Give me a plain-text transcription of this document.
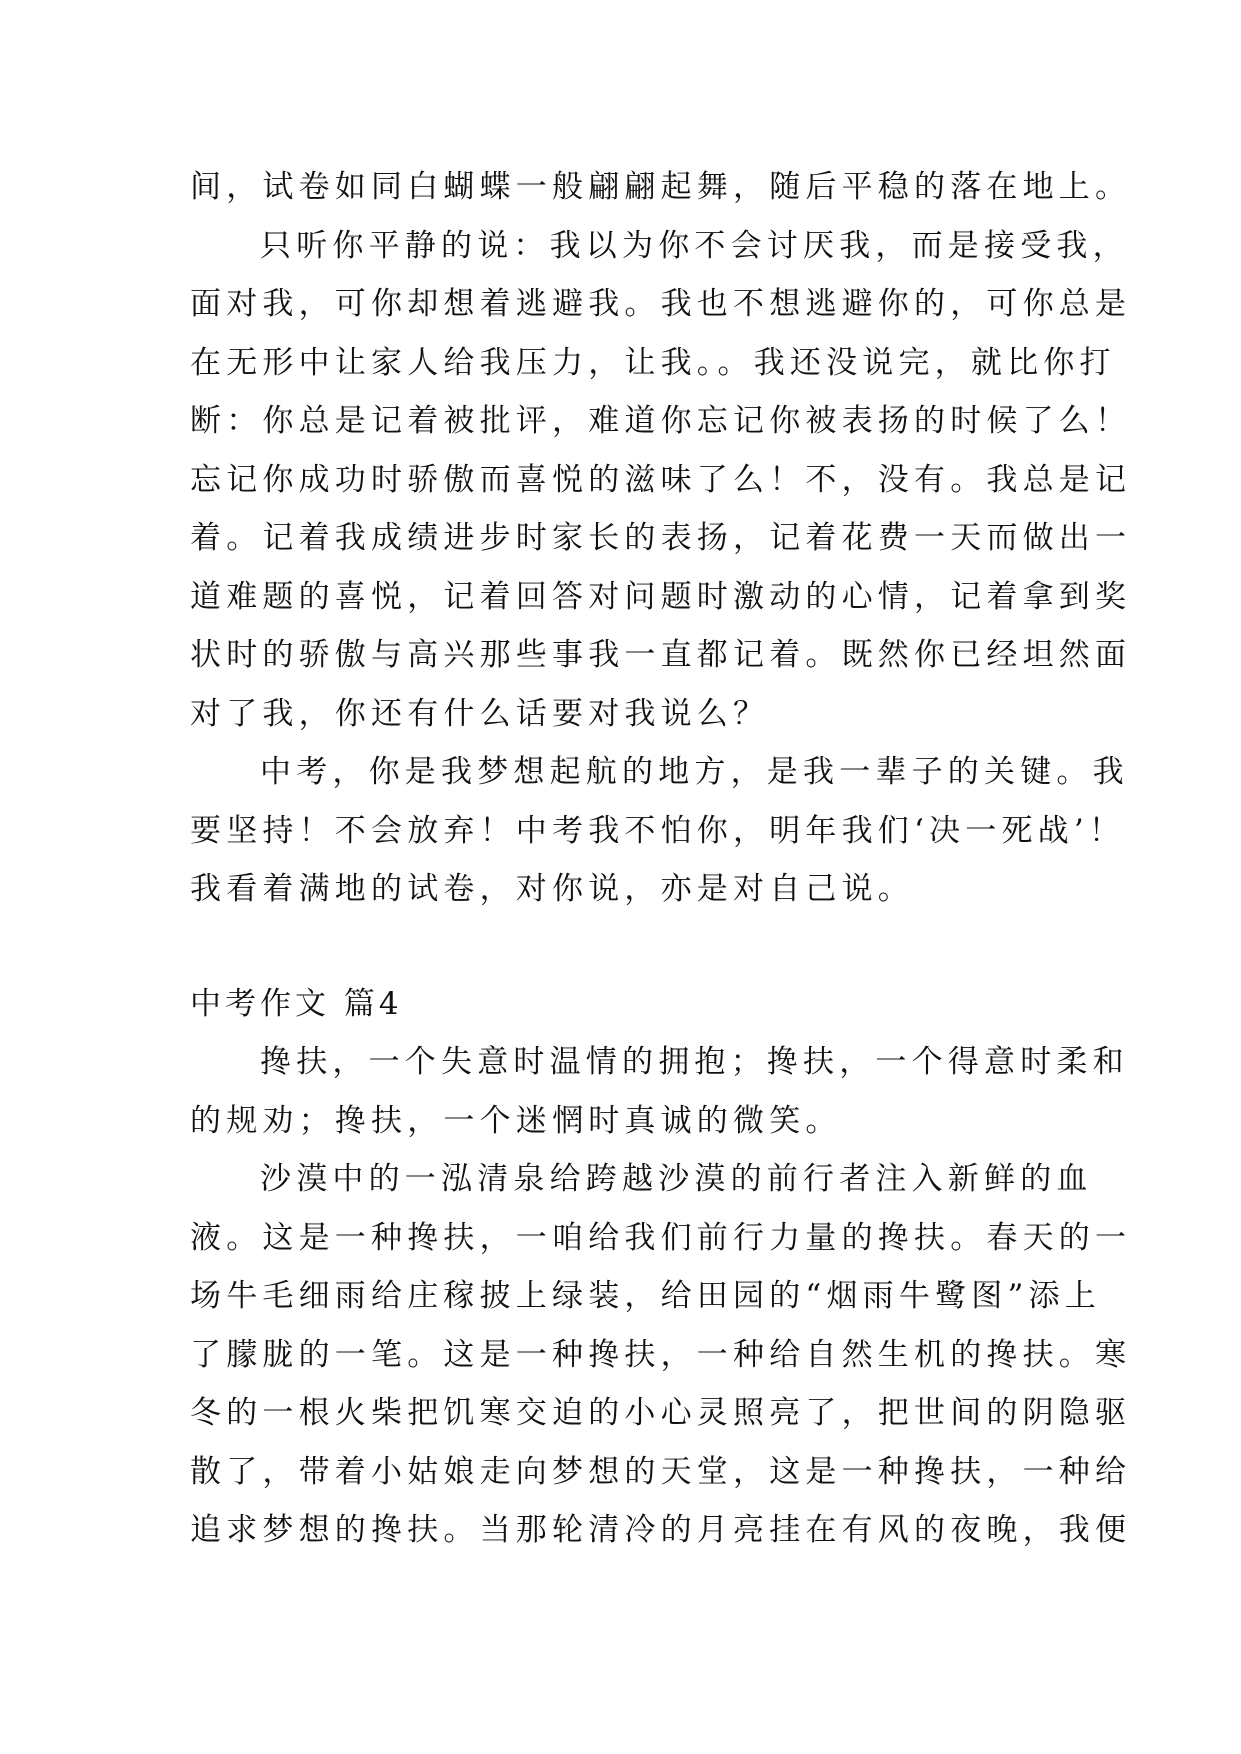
间，试卷如同白蝴蝶一般翩翩起舞，随后平稳的落在地上。
只听你平静的说：我以为你不会讨厌我，而是接受我，
面对我，可你却想着逃避我。我也不想逃避你的，可你总是
在无形中让家人给我压力，让我。。我还没说完，就比你打
断：你总是记着被批评，难道你忘记你被表扬的时候了么！
忘记你成功时骄傲而喜悦的滋味了么！不，没有。我总是记
着。记着我成绩进步时家长的表扬，记着花费一天而做出一
道难题的喜悦，记着回答对问题时激动的心情，记着拿到奖
状时的骄傲与高兴那些事我一直都记着。既然你已经坦然面
对了我，你还有什么话要对我说么？
中考，你是我梦想起航的地方，是我一辈子的关键。我
要坚持！不会放弃！中考我不怕你，明年我们‘决一死战’！
我看着满地的试卷，对你说，亦是对自己说。
中考作文 篇4
搀扶，一个失意时温情的拥抱；搀扶，一个得意时柔和
的规劝；搀扶，一个迷惘时真诚的微笑。
沙漠中的一泓清泉给跨越沙漠的前行者注入新鲜的血
液。这是一种搀扶，一咱给我们前行力量的搀扶。春天的一
场牛毛细雨给庄稼披上绿装，给田园的“烟雨牛鹭图”添上
了朦胧的一笔。这是一种搀扶，一种给自然生机的搀扶。寒
冬的一根火柴把饥寒交迫的小心灵照亮了，把世间的阴隐驱
散了，带着小姑娘走向梦想的天堂，这是一种搀扶，一种给
追求梦想的搀扶。当那轮清冷的月亮挂在有风的夜晚，我便
